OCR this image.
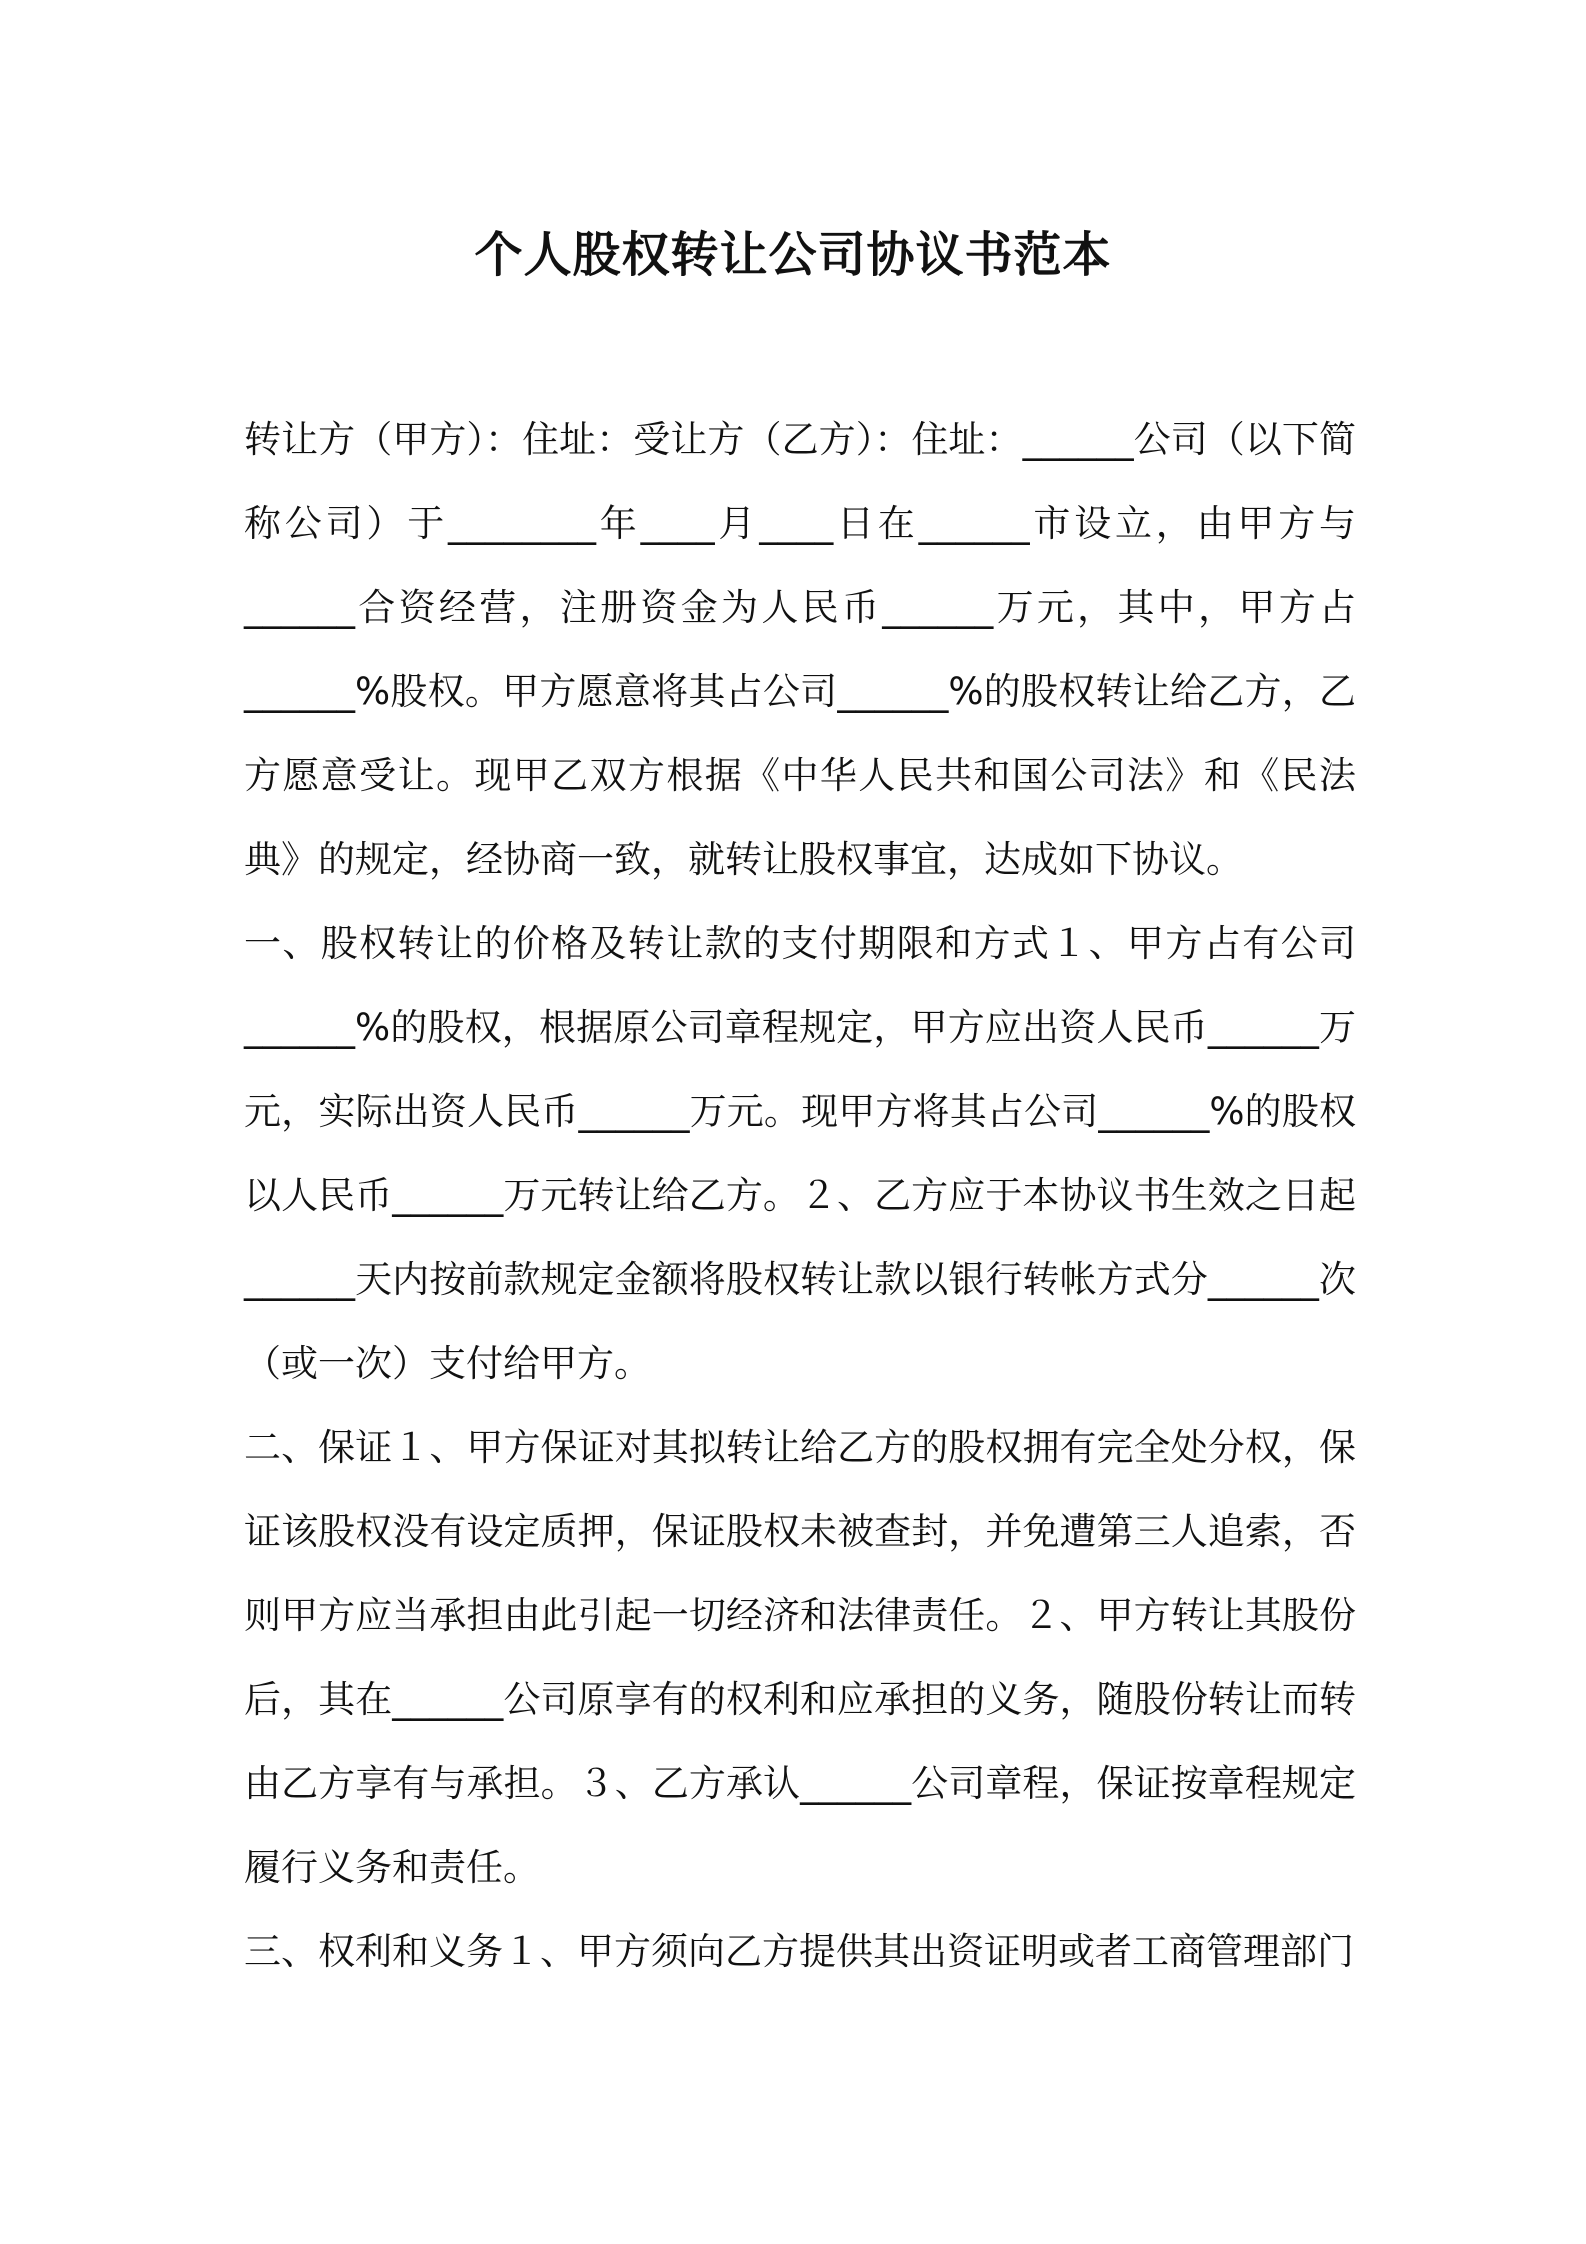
个人股权转让公司协议书范本

转让方（甲方）：住址：受让方（乙方）：住址：______公司（以下简称公司）于________年____月____日在______市设立，由甲方与______合资经营，注册资金为人民币______万元，其中，甲方占______%股权。甲方愿意将其占公司______%的股权转让给乙方，乙方愿意受让。现甲乙双方根据《中华人民共和国公司法》和《民法典》的规定，经协商一致，就转让股权事宜，达成如下协议。

一、股权转让的价格及转让款的支付期限和方式１、甲方占有公司______%的股权，根据原公司章程规定，甲方应出资人民币______万元，实际出资人民币______万元。现甲方将其占公司______%的股权以人民币______万元转让给乙方。２、乙方应于本协议书生效之日起______天内按前款规定金额将股权转让款以银行转帐方式分______次（或一次）支付给甲方。

二、保证１、甲方保证对其拟转让给乙方的股权拥有完全处分权，保证该股权没有设定质押，保证股权未被查封，并免遭第三人追索，否则甲方应当承担由此引起一切经济和法律责任。２、甲方转让其股份后，其在______公司原享有的权利和应承担的义务，随股份转让而转由乙方享有与承担。３、乙方承认______公司章程，保证按章程规定履行义务和责任。

三、权利和义务１、甲方须向乙方提供其出资证明或者工商管理部门
